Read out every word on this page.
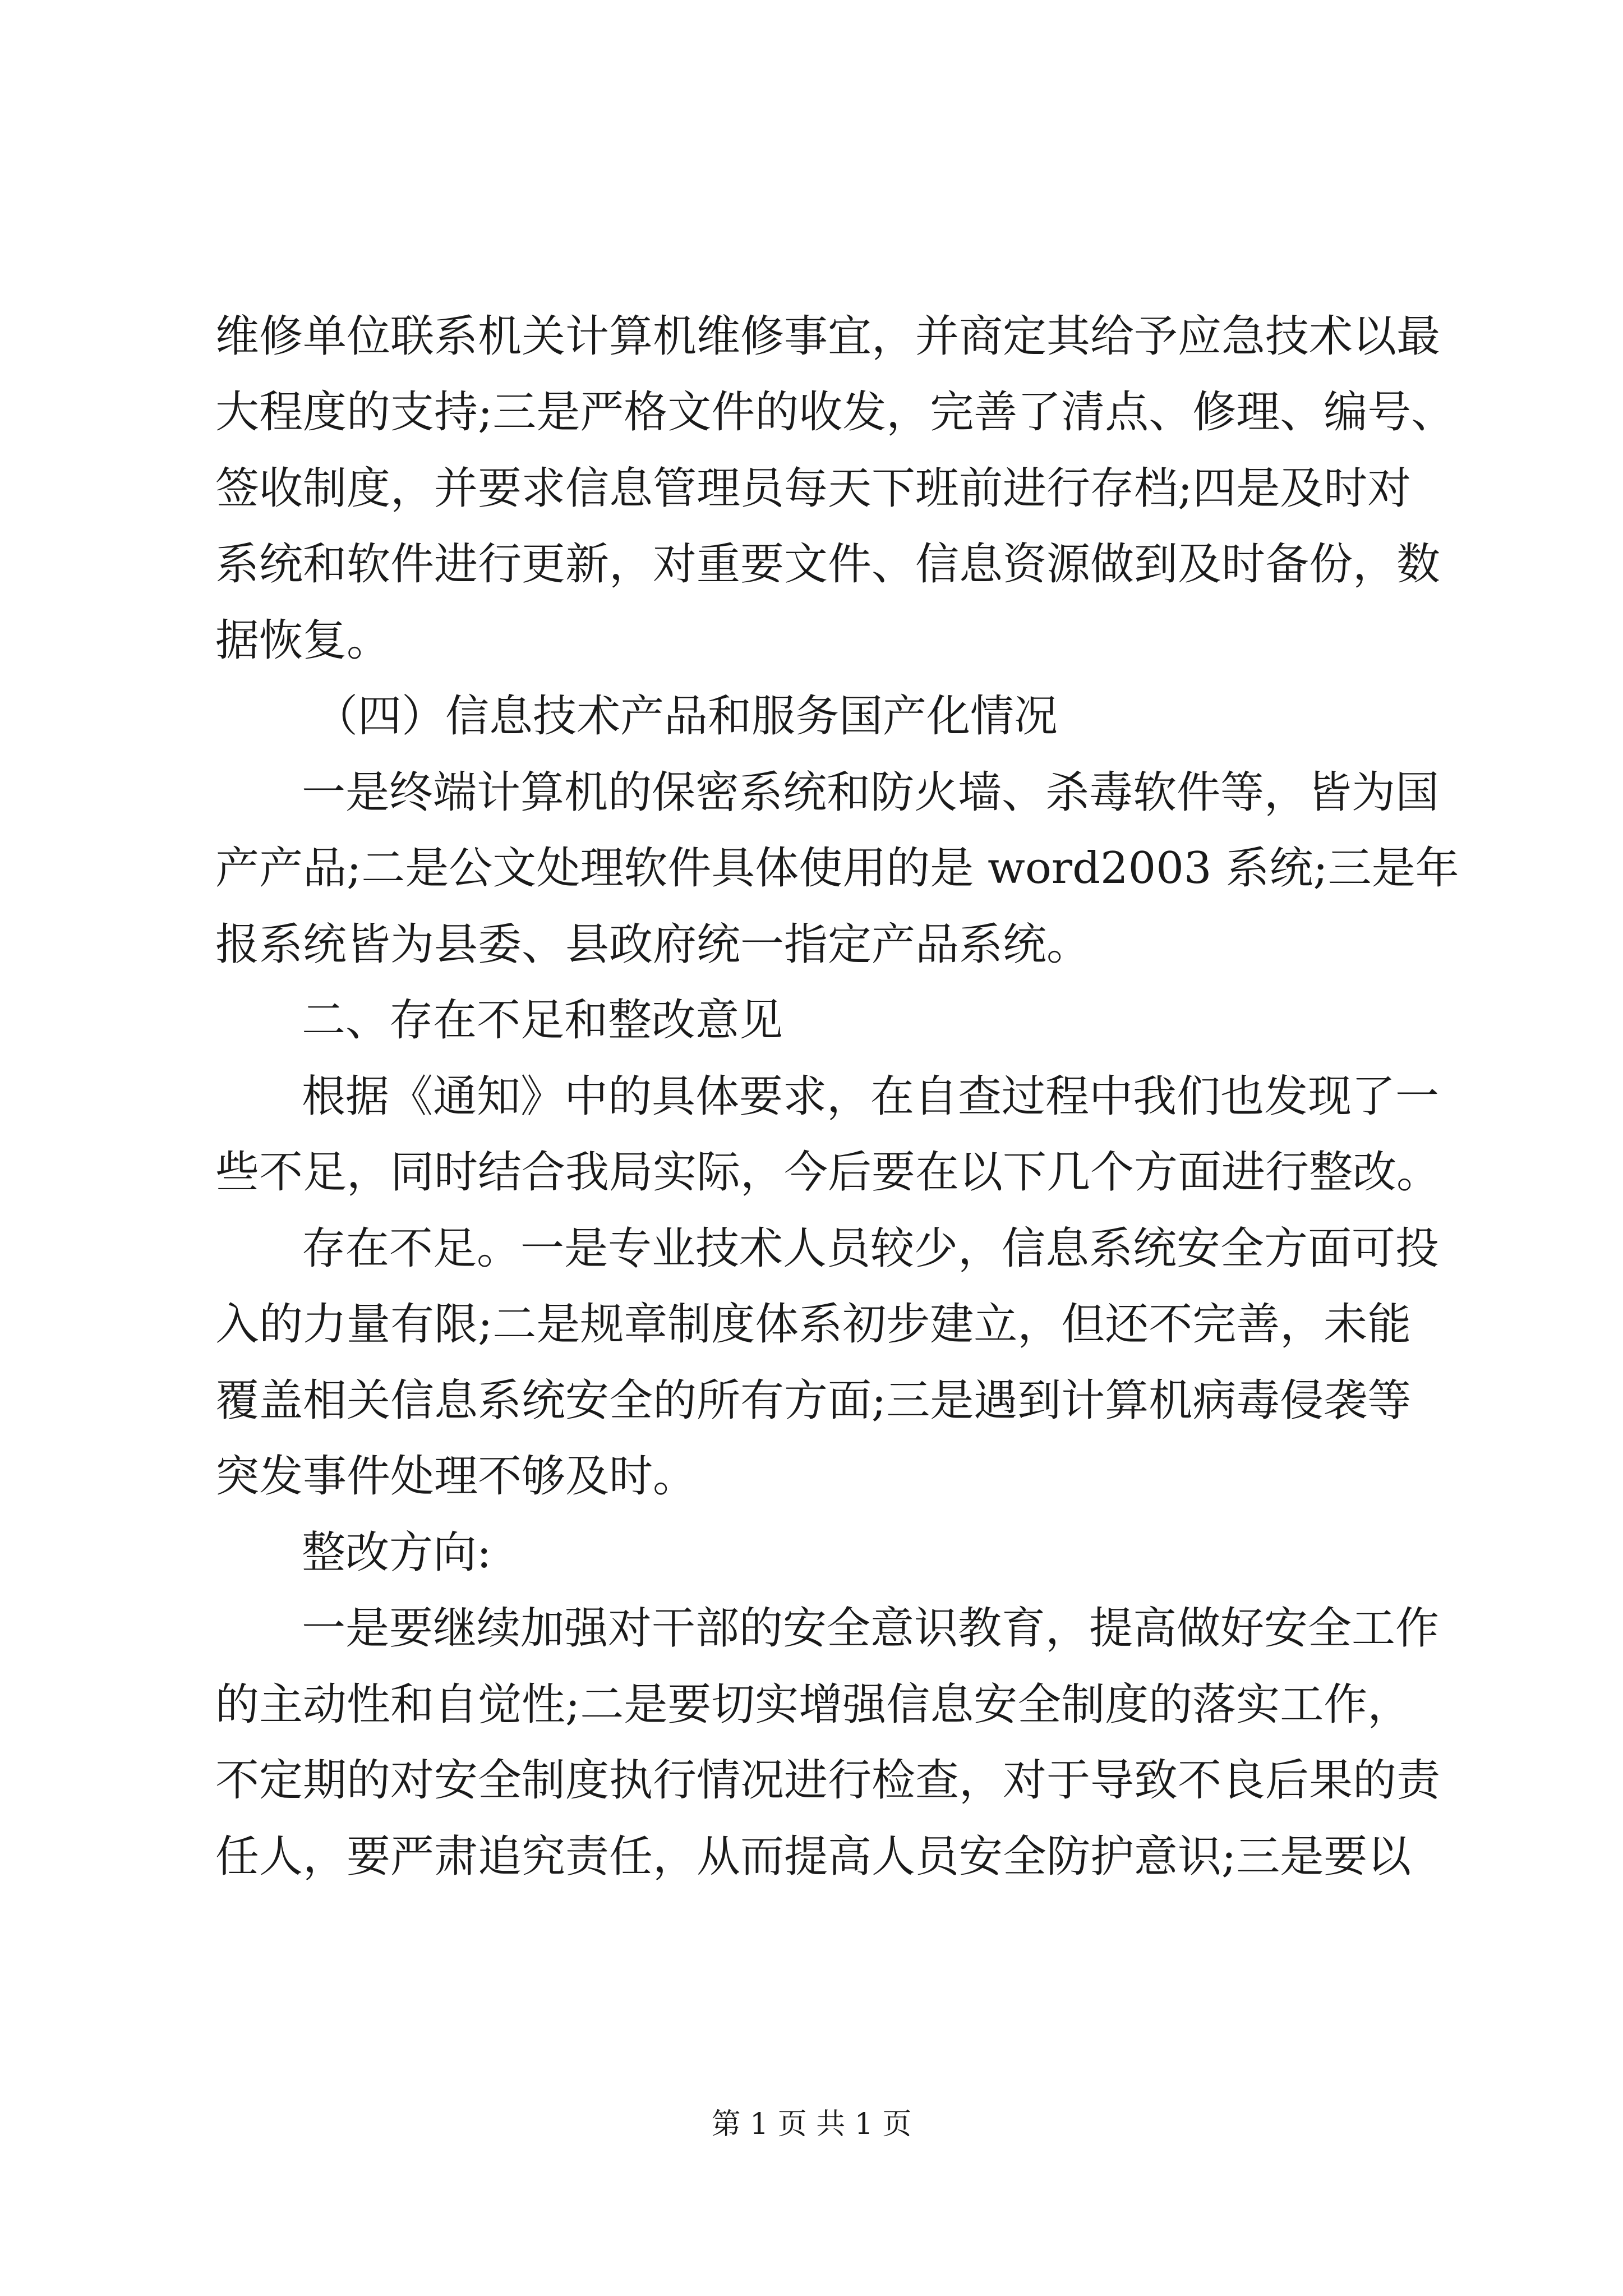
维修单位联系机关计算机维修事宜，并商定其给予应急技术以最
大程度的支持;三是严格文件的收发，完善了清点、修理、编号、
签收制度，并要求信息管理员每天下班前进行存档;四是及时对
系统和软件进行更新，对重要文件、信息资源做到及时备份，数
据恢复。
（四）信息技术产品和服务国产化情况
一是终端计算机的保密系统和防火墙、杀毒软件等，皆为国
产产品;二是公文处理软件具体使用的是 word2003 系统;三是年
报系统皆为县委、县政府统一指定产品系统。
二、存在不足和整改意见
根据《通知》中的具体要求，在自查过程中我们也发现了一
些不足，同时结合我局实际，今后要在以下几个方面进行整改。
存在不足。一是专业技术人员较少，信息系统安全方面可投
入的力量有限;二是规章制度体系初步建立，但还不完善，未能
覆盖相关信息系统安全的所有方面;三是遇到计算机病毒侵袭等
突发事件处理不够及时。
整改方向:
一是要继续加强对干部的安全意识教育，提高做好安全工作
的主动性和自觉性;二是要切实增强信息安全制度的落实工作，
不定期的对安全制度执行情况进行检查，对于导致不良后果的责
任人，要严肃追究责任，从而提高人员安全防护意识;三是要以
第 1 页 共 1 页
